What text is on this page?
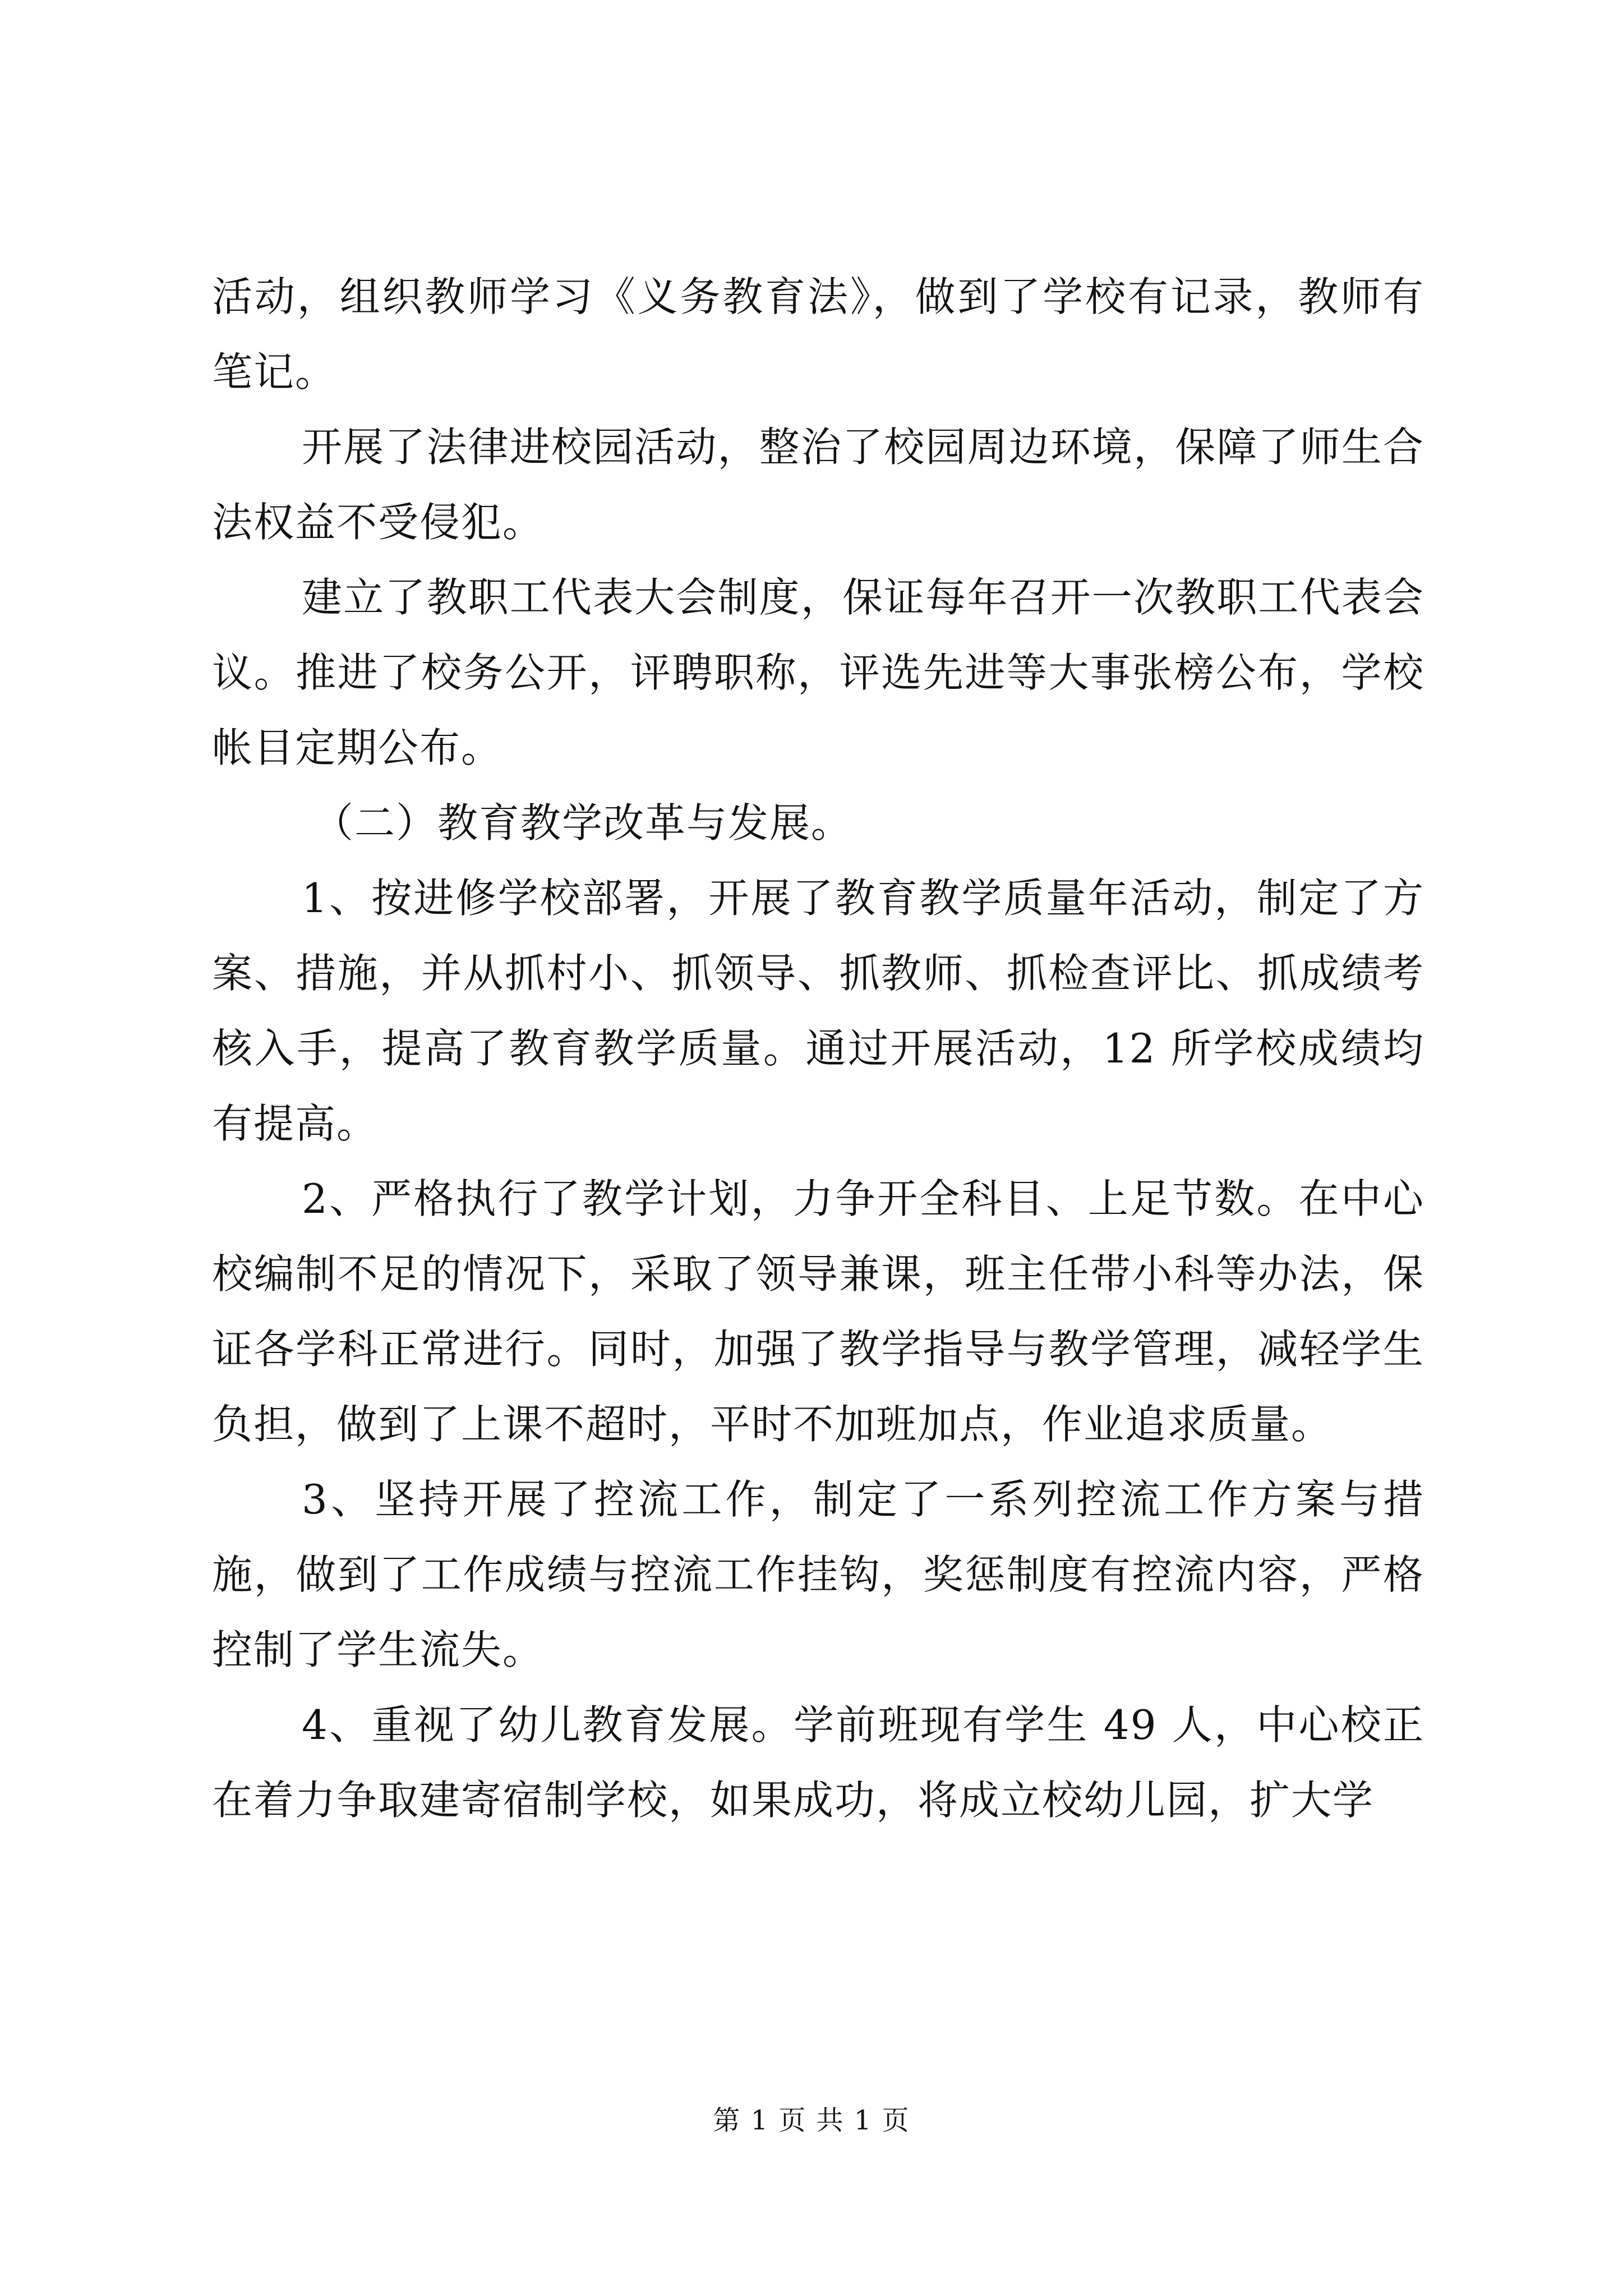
活动，组织教师学习《义务教育法》，做到了学校有记录，教师有笔记。

开展了法律进校园活动，整治了校园周边环境，保障了师生合法权益不受侵犯。

建立了教职工代表大会制度，保证每年召开一次教职工代表会议。推进了校务公开，评聘职称，评选先进等大事张榜公布，学校帐目定期公布。

（二）教育教学改革与发展。

1、按进修学校部署，开展了教育教学质量年活动，制定了方案、措施，并从抓村小、抓领导、抓教师、抓检查评比、抓成绩考核入手，提高了教育教学质量。通过开展活动，12 所学校成绩均有提高。

2、严格执行了教学计划，力争开全科目、上足节数。在中心校编制不足的情况下，采取了领导兼课，班主任带小科等办法，保证各学科正常进行。同时，加强了教学指导与教学管理，减轻学生负担，做到了上课不超时，平时不加班加点，作业追求质量。

3、坚持开展了控流工作，制定了一系列控流工作方案与措施，做到了工作成绩与控流工作挂钩，奖惩制度有控流内容，严格控制了学生流失。

4、重视了幼儿教育发展。学前班现有学生 49 人，中心校正在着力争取建寄宿制学校，如果成功，将成立校幼儿园，扩大学

第 1 页 共 1 页
